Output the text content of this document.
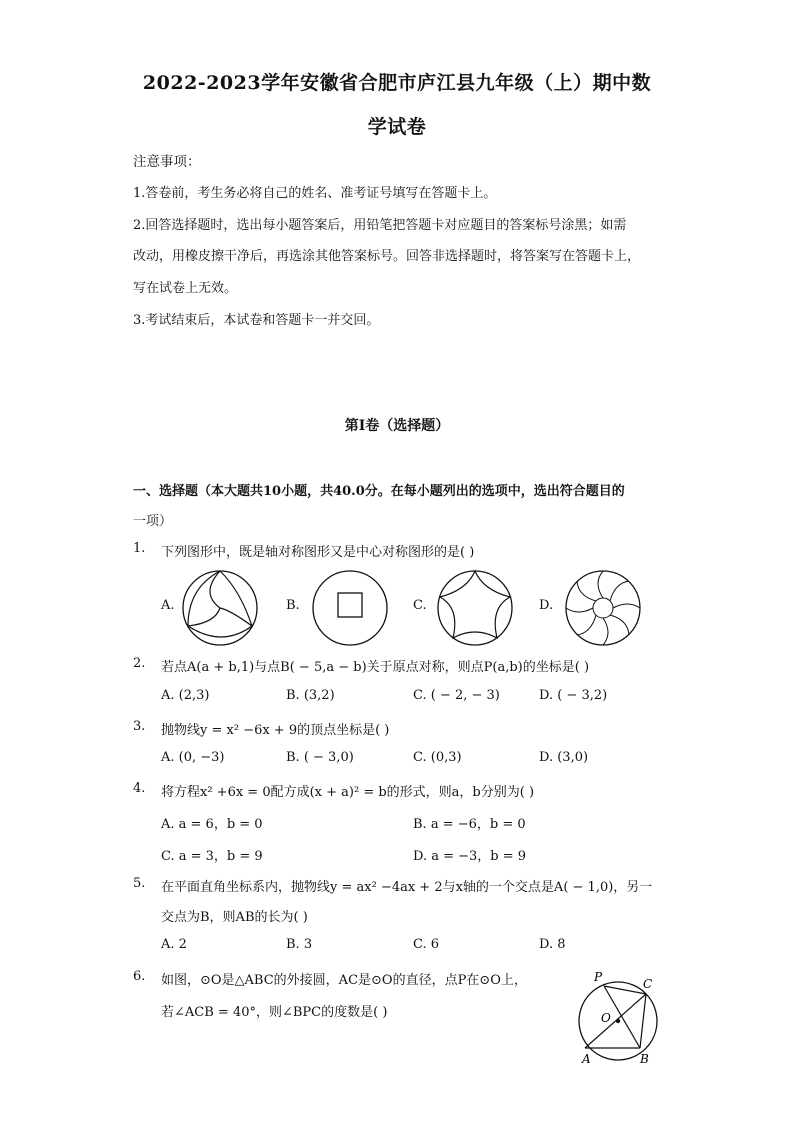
2022-2023学年安徽省合肥市庐江县九年级（上）期中数
学试卷
注意事项：
1.答卷前，考生务必将自己的姓名、准考证号填写在答题卡上。
2.回答选择题时，选出每小题答案后，用铅笔把答题卡对应题目的答案标号涂黑；如需
改动，用橡皮擦干净后，再选涂其他答案标号。回答非选择题时，将答案写在答题卡上，
写在试卷上无效。
3.考试结束后，本试卷和答题卡一并交回。
第Ⅰ卷（选择题）
一、选择题（本大题共10小题，共40.0分。在每小题列出的选项中，选出符合题目的
一项）
1. 下列图形中，既是轴对称图形又是中心对称图形的是( )
A.	B.	C.	D.
2. 若点A(a + b,1)与点B( − 5,a − b)关于原点对称，则点P(a,b)的坐标是( )
A. (2,3)	B. (3,2)	C. ( − 2, − 3)	D. ( − 3,2)
3. 抛物线y = x² −6x + 9的顶点坐标是( )
A. (0, −3)	B. ( − 3,0)	C. (0,3)	D. (3,0)
4. 将方程x² +6x = 0配方成(x + a)² = b的形式，则a，b分别为( )
A. a = 6，b = 0	B. a = −6，b = 0
C. a = 3，b = 9	D. a = −3，b = 9
5. 在平面直角坐标系内，抛物线y = ax² −4ax + 2与x轴的一个交点是A( − 1,0)，另一
交点为B，则AB的长为( )
A. 2	B. 3	C. 6	D. 8
6. 如图，⊙O是△ABC的外接圆，AC是⊙O的直径，点P在⊙O上，
若∠ACB = 40°，则∠BPC的度数是( )
P	C
O
A	B
